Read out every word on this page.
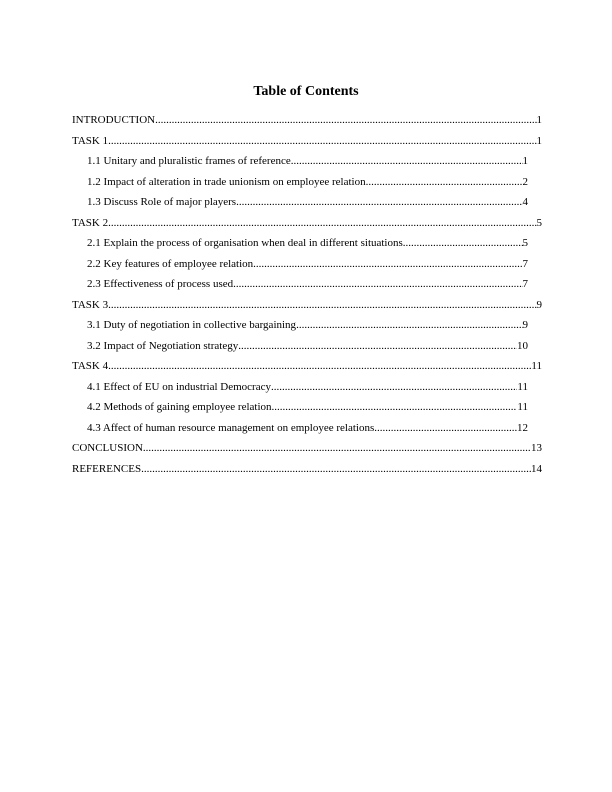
Table of Contents
INTRODUCTION .....	1
TASK 1 .....	1
1.1 Unitary and pluralistic frames of reference .....	1
1.2 Impact of alteration in trade unionism on employee relation .....	2
1.3 Discuss Role of major players .....	4
TASK 2 .....	5
2.1 Explain the process of organisation when deal in different situations .....	5
2.2 Key features of employee relation .....	7
2.3 Effectiveness of process used .....	7
TASK 3 .....	9
3.1 Duty of negotiation in collective bargaining .....	9
3.2 Impact of Negotiation strategy .....	10
TASK 4 .....	11
4.1 Effect of EU on industrial Democracy .....	11
4.2 Methods of gaining employee relation .....	11
4.3 Affect of human resource management on employee relations .....	12
CONCLUSION .....	13
REFERENCES .....	14
